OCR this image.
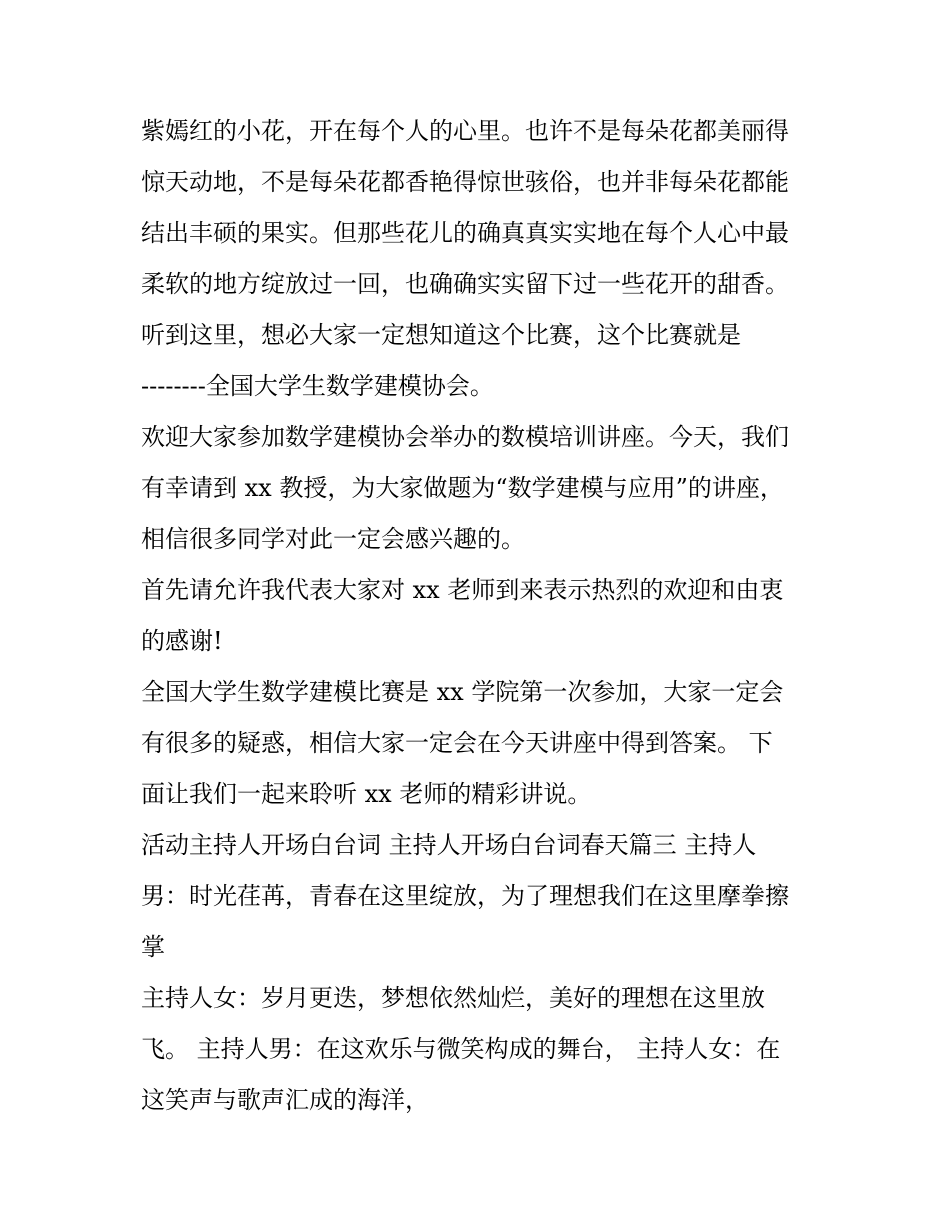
紫嫣红的小花，开在每个人的心里。也许不是每朵花都美丽得
惊天动地，不是每朵花都香艳得惊世骇俗，也并非每朵花都能
结出丰硕的果实。但那些花儿的确真真实实地在每个人心中最
柔软的地方绽放过一回，也确确实实留下过一些花开的甜香。
听到这里，想必大家一定想知道这个比赛，这个比赛就是
--------全国大学生数学建模协会。
欢迎大家参加数学建模协会举办的数模培训讲座。今天，我们
有幸请到 xx 教授，为大家做题为“数学建模与应用”的讲座，
相信很多同学对此一定会感兴趣的。
首先请允许我代表大家对 xx 老师到来表示热烈的欢迎和由衷
的感谢!
全国大学生数学建模比赛是 xx 学院第一次参加，大家一定会
有很多的疑惑，相信大家一定会在今天讲座中得到答案。 下
面让我们一起来聆听 xx 老师的精彩讲说。
活动主持人开场白台词 主持人开场白台词春天篇三 主持人
男：时光荏苒，青春在这里绽放，为了理想我们在这里摩拳擦
掌
主持人女：岁月更迭，梦想依然灿烂，美好的理想在这里放
飞。 主持人男：在这欢乐与微笑构成的舞台， 主持人女：在
这笑声与歌声汇成的海洋，
